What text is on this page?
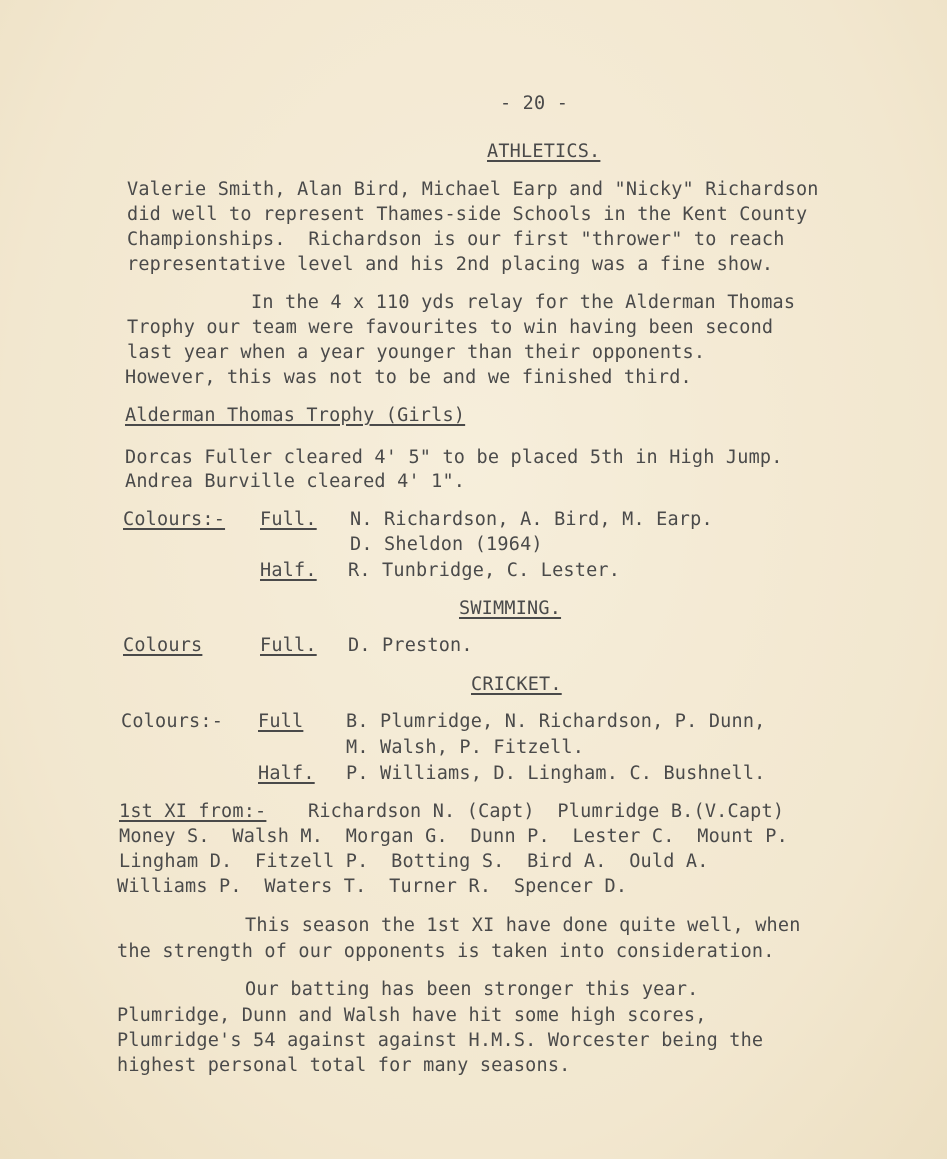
- 20 -
ATHLETICS.
Valerie Smith, Alan Bird, Michael Earp and "Nicky" Richardson
did well to represent Thames-side Schools in the Kent County
Championships.  Richardson is our first "thrower" to reach
representative level and his 2nd placing was a fine show.
In the 4 x 110 yds relay for the Alderman Thomas
Trophy our team were favourites to win having been second
last year when a year younger than their opponents.
However, this was not to be and we finished third.
Alderman Thomas Trophy (Girls)
Dorcas Fuller cleared 4' 5" to be placed 5th in High Jump.
Andrea Burville cleared 4' 1".
Colours:- Full. N. Richardson, A. Bird, M. Earp.
D. Sheldon (1964)
Half. R. Tunbridge, C. Lester.
SWIMMING.
Colours	Full. D. Preston.
CRICKET.
Colours:- Full B. Plumridge, N. Richardson, P. Dunn,
M. Walsh, P. Fitzell.
Half. P. Williams, D. Lingham. C. Bushnell.
1st XI from:- Richardson N. (Capt)  Plumridge B.(V.Capt)
Money S.  Walsh M.  Morgan G.  Dunn P.  Lester C.  Mount P.
Lingham D.  Fitzell P.  Botting S.  Bird A.  Ould A.
Williams P.  Waters T.  Turner R.  Spencer D.
This season the 1st XI have done quite well, when
the strength of our opponents is taken into consideration.
Our batting has been stronger this year.
Plumridge, Dunn and Walsh have hit some high scores,
Plumridge's 54 against against H.M.S. Worcester being the
highest personal total for many seasons.
